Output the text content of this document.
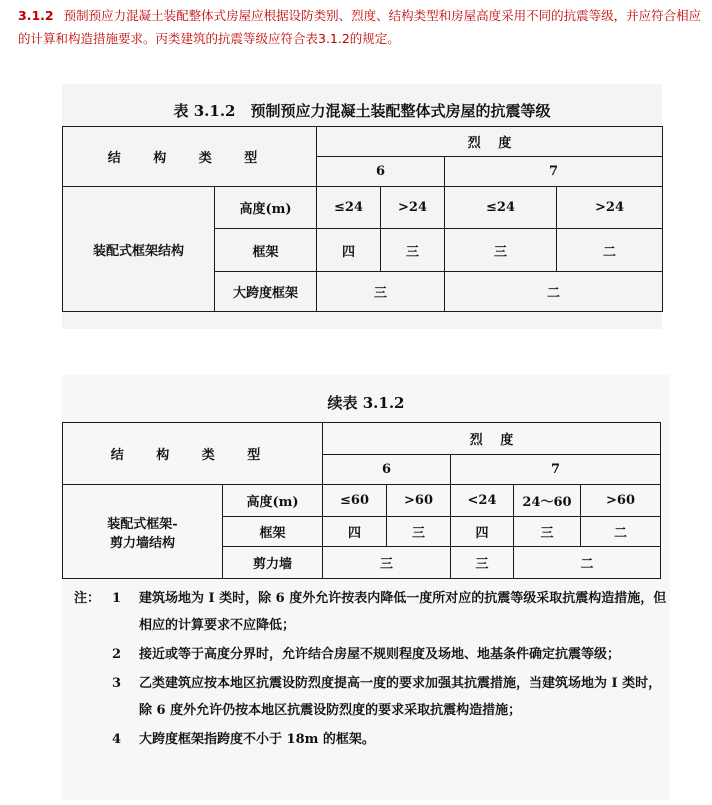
3.1.2 预制预应力混凝土装配整体式房屋应根据设防类别、烈度、结构类型和房屋高度采用不同的抗震等级，并应符合相应的计算和构造措施要求。丙类建筑的抗震等级应符合表3.1.2的规定。
表 3.1.2　预制预应力混凝土装配整体式房屋的抗震等级
结 构 类 型		烈　 度			
		6		7	
装配式框架结构	高度(m)	≤24	>24	≤24	>24
	框架	四	三	三	二
	大跨度框架	三		二	
续表 3.1.2
结 构 类 型		烈　 度				
		6		7		

装配式框架-
剪力墙结构	高度(m)	≤60	>60	<24	24～60	>60
	框架	四	三	四	三	二
	剪力墙	三		三	二	
注： 1 建筑场地为 Ⅰ 类时，除 6 度外允许按表内降低一度所对应的抗震等级采取抗震构造措施，但相应的计算要求不应降低；
2 接近或等于高度分界时，允许结合房屋不规则程度及场地、地基条件确定抗震等级；
3 乙类建筑应按本地区抗震设防烈度提高一度的要求加强其抗震措施，当建筑场地为 Ⅰ 类时，除 6 度外允许仍按本地区抗震设防烈度的要求采取抗震构造措施；
4 大跨度框架指跨度不小于 18m 的框架。
